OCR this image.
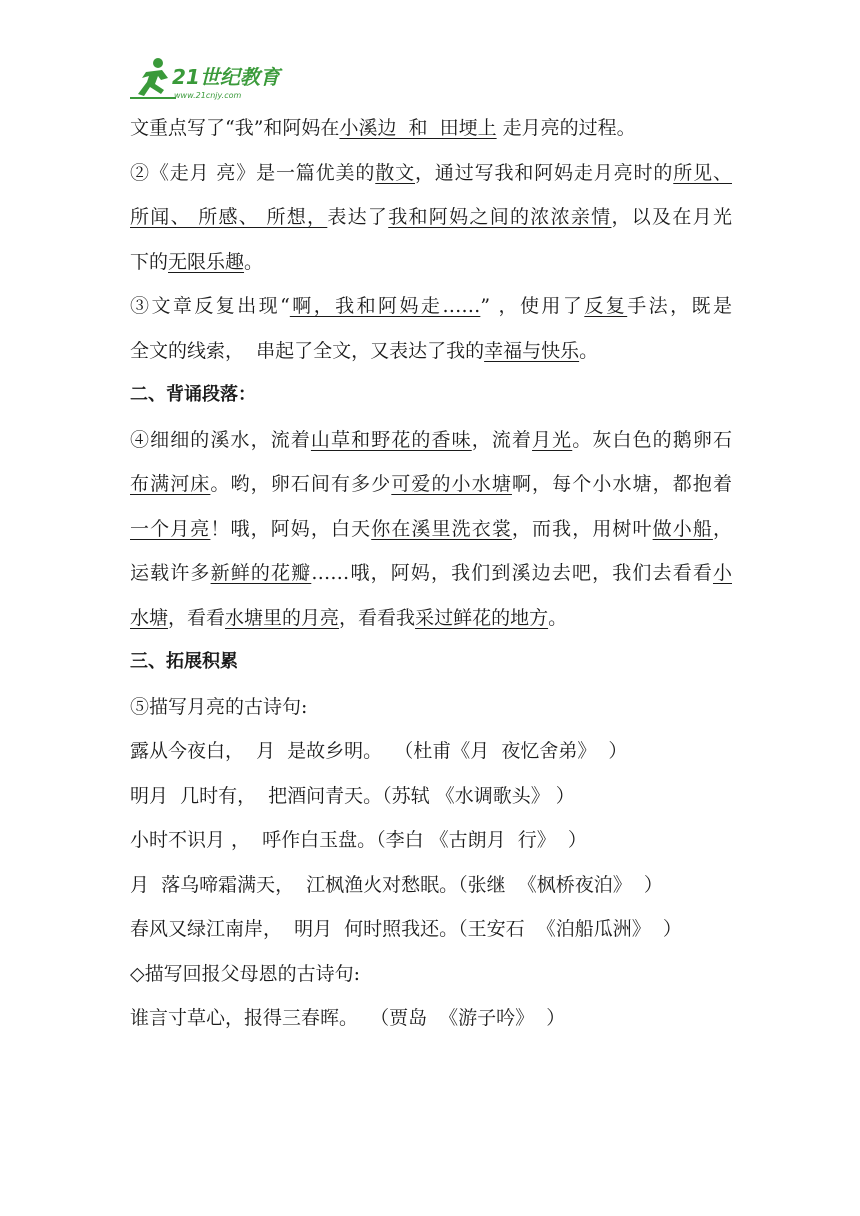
21世纪教育
www.21cnjy.com

文重点写了“我”和阿妈在小溪边  和  田埂上 走月亮的过程。

②《走月 亮》是一篇优美的散文，通过写我和阿妈走月亮时的所见、

所闻、 所感、 所想，表达了我和阿妈之间的浓浓亲情，以及在月光

下的无限乐趣。

③文章反复出现“啊，我和阿妈走……” ，使用了反复手法，既是

全文的线索，  串起了全文，又表达了我的幸福与快乐。

二、背诵段落：

④细细的溪水，流着山草和野花的香味，流着月光。灰白色的鹅卵石

布满河床。哟，卵石间有多少可爱的小水塘啊，每个小水塘，都抱着

一个月亮！哦，阿妈，白天你在溪里洗衣裳，而我，用树叶做小船，

运载许多新鲜的花瓣……哦，阿妈，我们到溪边去吧，我们去看看小

水塘，看看水塘里的月亮，看看我采过鲜花的地方。

三、拓展积累

⑤描写月亮的古诗句:

露从今夜白，  月  是故乡明。  （杜甫《月  夜忆舍弟》  ）

明月  几时有，  把酒问青天。（苏轼 《水调歌头》 ）

小时不识月 ，  呼作白玉盘。（李白 《古朗月  行》  ）

月  落乌啼霜满天，  江枫渔火对愁眠。（张继  《枫桥夜泊》  ）

春风又绿江南岸，  明月  何时照我还。（王安石  《泊船瓜洲》  ）

◇描写回报父母恩的古诗句:

谁言寸草心，报得三春晖。  （贾岛  《游子吟》  ）
